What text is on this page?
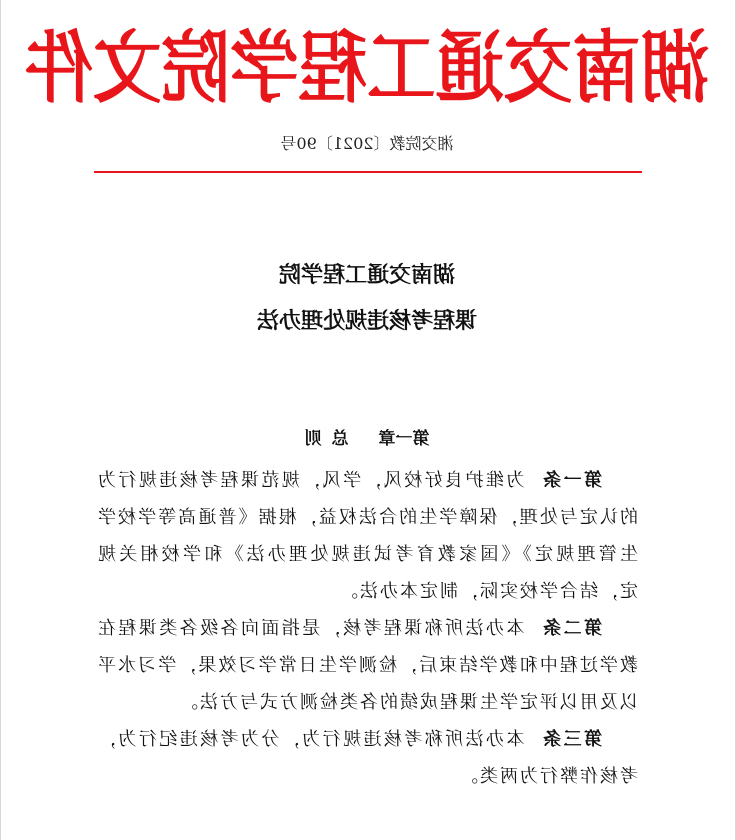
湖南交通工程学院文件
湘交院教〔2021〕90号
湖南交通工程学院
课程考核违规处理办法
第一章 总 则

第一条  为维护良好校风，学风，规范课程考核违规行为的认定与处理，保障学生的合法权益，根据《普通高等学校学生管理规定》《国家教育考试违规处理办法》和学校相关规定，结合学校实际，制定本办法。

第二条  本办法所称课程考核，是指面向各级各类课程在教学过程中和教学结束后，检测学生日常学习效果，学习水平以及用以评定学生课程成绩的各类检测方式与方法。

第三条  本办法所称考核违规行为，分为考核违纪行为，考核作弊行为两类。
